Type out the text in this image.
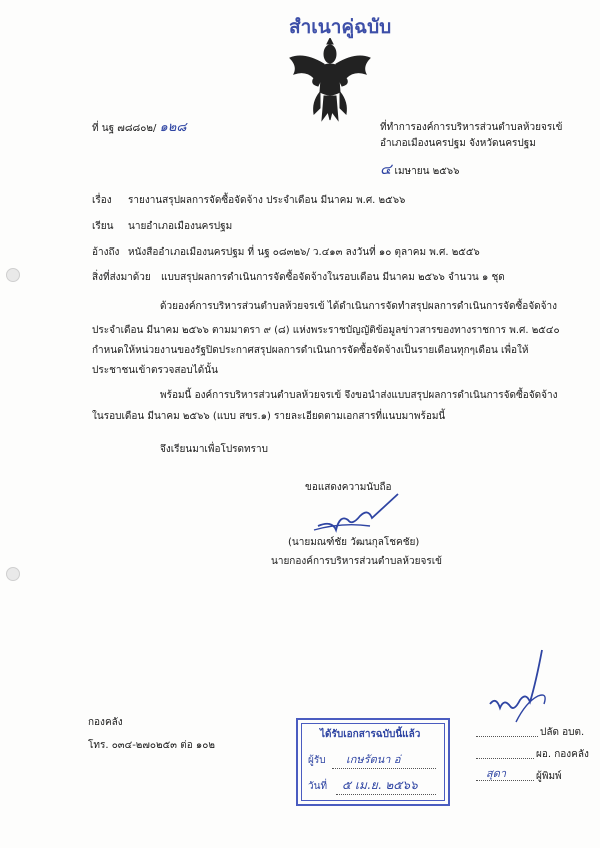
สำเนาคู่ฉบับ
ที่ นฐ ๗๘๘๐๒/ ๑๒๘	ที่ทำการองค์การบริหารส่วนตำบลห้วยจรเข้
อำเภอเมืองนครปฐม จังหวัดนครปฐม
๔ เมษายน ๒๕๖๖
เรื่อง รายงานสรุปผลการจัดซื้อจัดจ้าง ประจำเดือน มีนาคม พ.ศ. ๒๕๖๖
เรียน นายอำเภอเมืองนครปฐม
อ้างถึง หนังสืออำเภอเมืองนครปฐม ที่ นฐ ๐๘๓๒๖/ ว.๔๑๓ ลงวันที่ ๑๐ ตุลาคม พ.ศ. ๒๕๕๖
สิ่งที่ส่งมาด้วย แบบสรุปผลการดำเนินการจัดซื้อจัดจ้างในรอบเดือน มีนาคม ๒๕๖๖ จำนวน ๑ ชุด
ด้วยองค์การบริหารส่วนตำบลห้วยจรเข้ ได้ดำเนินการจัดทำสรุปผลการดำเนินการจัดซื้อจัดจ้าง
ประจำเดือน มีนาคม ๒๕๖๖ ตามมาตรา ๙ (๘) แห่งพระราชบัญญัติข้อมูลข่าวสารของทางราชการ พ.ศ. ๒๕๔๐
กำหนดให้หน่วยงานของรัฐปิดประกาศสรุปผลการดำเนินการจัดซื้อจัดจ้างเป็นรายเดือนทุกๆเดือน เพื่อให้
ประชาชนเข้าตรวจสอบได้นั้น
พร้อมนี้ องค์การบริหารส่วนตำบลห้วยจรเข้ จึงขอนำส่งแบบสรุปผลการดำเนินการจัดซื้อจัดจ้าง
ในรอบเดือน มีนาคม ๒๕๖๖ (แบบ สขร.๑) รายละเอียดตามเอกสารที่แนบมาพร้อมนี้
จึงเรียนมาเพื่อโปรดทราบ
ขอแสดงความนับถือ
(นายมณฑ์ชัย วัฒนกุลโชคชัย)
นายกองค์การบริหารส่วนตำบลห้วยจรเข้
กองคลัง
โทร. ๐๓๔-๒๗๐๒๕๓ ต่อ ๑๐๒
ได้รับเอกสารฉบับนี้แล้ว
ผู้รับ เกษรัตนา อ่
วันที่ ๕ เม.ย. ๒๕๖๖
ปลัด อบต.
ผอ. กองคลัง
สุดา	ผู้พิมพ์
